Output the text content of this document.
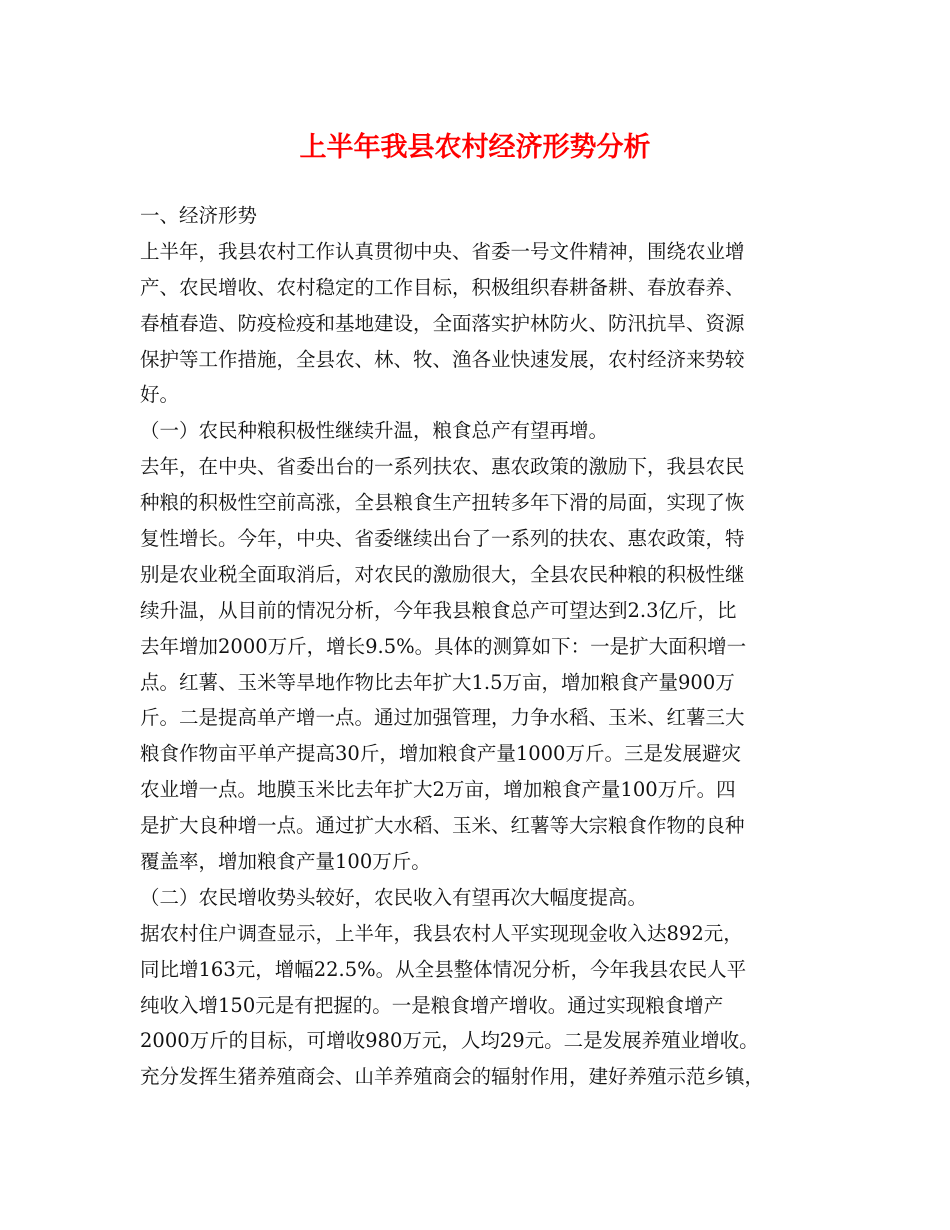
上半年我县农村经济形势分析
一、经济形势
上半年，我县农村工作认真贯彻中央、省委一号文件精神，围绕农业增
产、农民增收、农村稳定的工作目标，积极组织春耕备耕、春放春养、
春植春造、防疫检疫和基地建设，全面落实护林防火、防汛抗旱、资源
保护等工作措施，全县农、林、牧、渔各业快速发展，农村经济来势较
好。
（一）农民种粮积极性继续升温，粮食总产有望再增。
去年，在中央、省委出台的一系列扶农、惠农政策的激励下，我县农民
种粮的积极性空前高涨，全县粮食生产扭转多年下滑的局面，实现了恢
复性增长。今年，中央、省委继续出台了一系列的扶农、惠农政策，特
别是农业税全面取消后，对农民的激励很大，全县农民种粮的积极性继
续升温，从目前的情况分析，今年我县粮食总产可望达到2.3亿斤，比
去年增加2000万斤，增长9.5%。具体的测算如下：一是扩大面积增一
点。红薯、玉米等旱地作物比去年扩大1.5万亩，增加粮食产量900万
斤。二是提高单产增一点。通过加强管理，力争水稻、玉米、红薯三大
粮食作物亩平单产提高30斤，增加粮食产量1000万斤。三是发展避灾
农业增一点。地膜玉米比去年扩大2万亩，增加粮食产量100万斤。四
是扩大良种增一点。通过扩大水稻、玉米、红薯等大宗粮食作物的良种
覆盖率，增加粮食产量100万斤。
（二）农民增收势头较好，农民收入有望再次大幅度提高。
据农村住户调查显示，上半年，我县农村人平实现现金收入达892元，
同比增163元，增幅22.5%。从全县整体情况分析，今年我县农民人平
纯收入增150元是有把握的。一是粮食增产增收。通过实现粮食增产
2000万斤的目标，可增收980万元，人均29元。二是发展养殖业增收。
充分发挥生猪养殖商会、山羊养殖商会的辐射作用，建好养殖示范乡镇，
